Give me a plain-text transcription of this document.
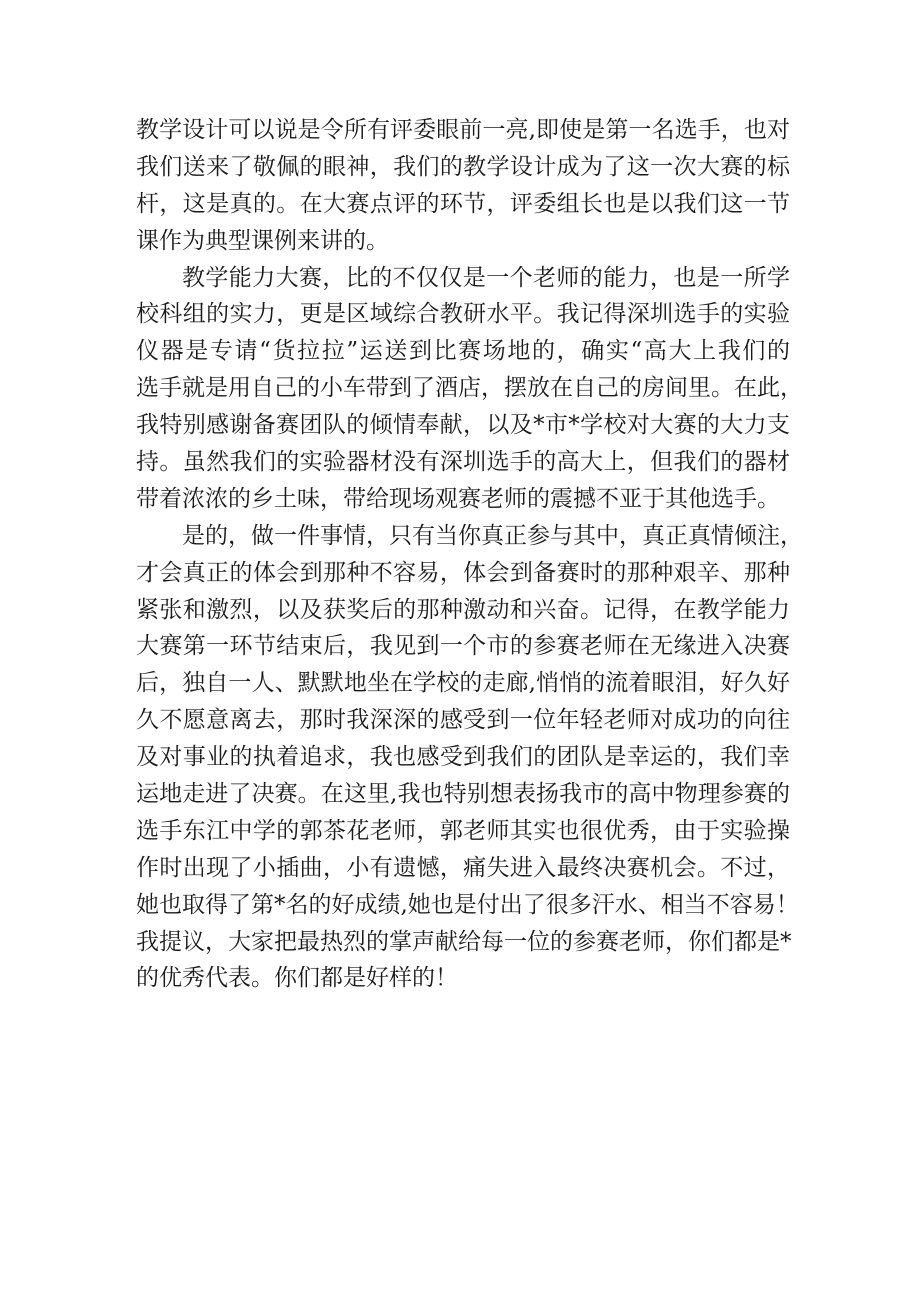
教学设计可以说是令所有评委眼前一亮,即使是第一名选手，也对
我们送来了敬佩的眼神，我们的教学设计成为了这一次大赛的标
杆，这是真的。在大赛点评的环节，评委组长也是以我们这一节
课作为典型课例来讲的。
教学能力大赛，比的不仅仅是一个老师的能力，也是一所学
校科组的实力，更是区域综合教研水平。我记得深圳选手的实验
仪器是专请“货拉拉”运送到比赛场地的，确实“高大上我们的
选手就是用自己的小车带到了酒店，摆放在自己的房间里。在此，
我特别感谢备赛团队的倾情奉献，以及*市*学校对大赛的大力支
持。虽然我们的实验器材没有深圳选手的高大上，但我们的器材
带着浓浓的乡土味，带给现场观赛老师的震撼不亚于其他选手。
是的，做一件事情，只有当你真正参与其中，真正真情倾注，
才会真正的体会到那种不容易，体会到备赛时的那种艰辛、那种
紧张和激烈，以及获奖后的那种激动和兴奋。记得，在教学能力
大赛第一环节结束后，我见到一个市的参赛老师在无缘进入决赛
后，独自一人、默默地坐在学校的走廊,悄悄的流着眼泪，好久好
久不愿意离去，那时我深深的感受到一位年轻老师对成功的向往
及对事业的执着追求，我也感受到我们的团队是幸运的，我们幸
运地走进了决赛。在这里,我也特别想表扬我市的高中物理参赛的
选手东江中学的郭茶花老师，郭老师其实也很优秀，由于实验操
作时出现了小插曲，小有遗憾，痛失进入最终决赛机会。不过，
她也取得了第*名的好成绩,她也是付出了很多汗水、相当不容易！
我提议，大家把最热烈的掌声献给每一位的参赛老师，你们都是*
的优秀代表。你们都是好样的！
